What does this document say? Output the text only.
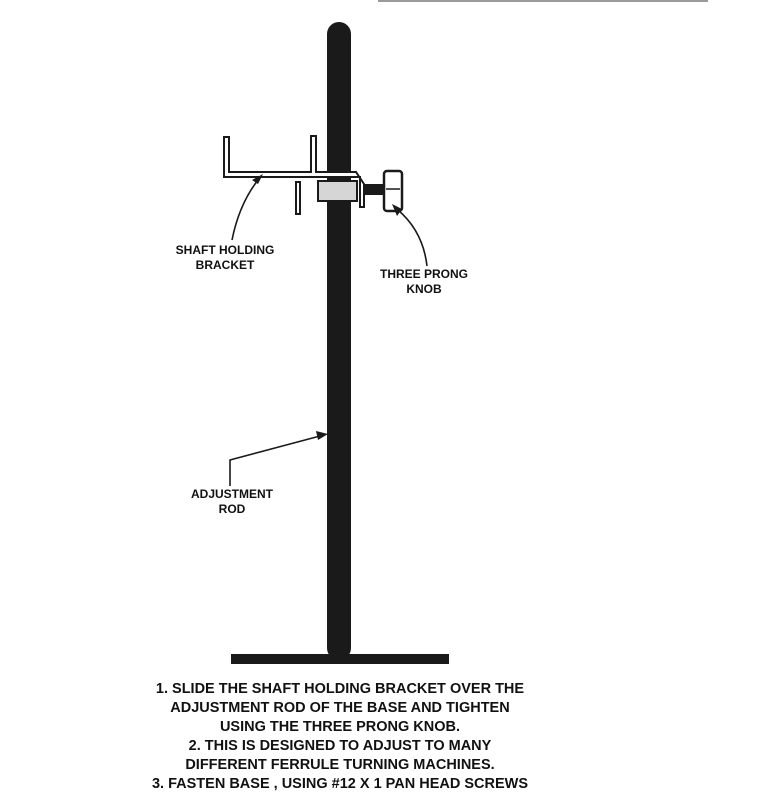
SHAFT HOLDING
BRACKET
THREE PRONG
KNOB
ADJUSTMENT
ROD
1. SLIDE THE SHAFT HOLDING BRACKET OVER THE
ADJUSTMENT ROD OF THE BASE AND TIGHTEN
USING THE THREE PRONG KNOB.
2. THIS IS DESIGNED TO ADJUST TO MANY
DIFFERENT FERRULE TURNING MACHINES.
3. FASTEN BASE , USING #12 X 1 PAN HEAD SCREWS
